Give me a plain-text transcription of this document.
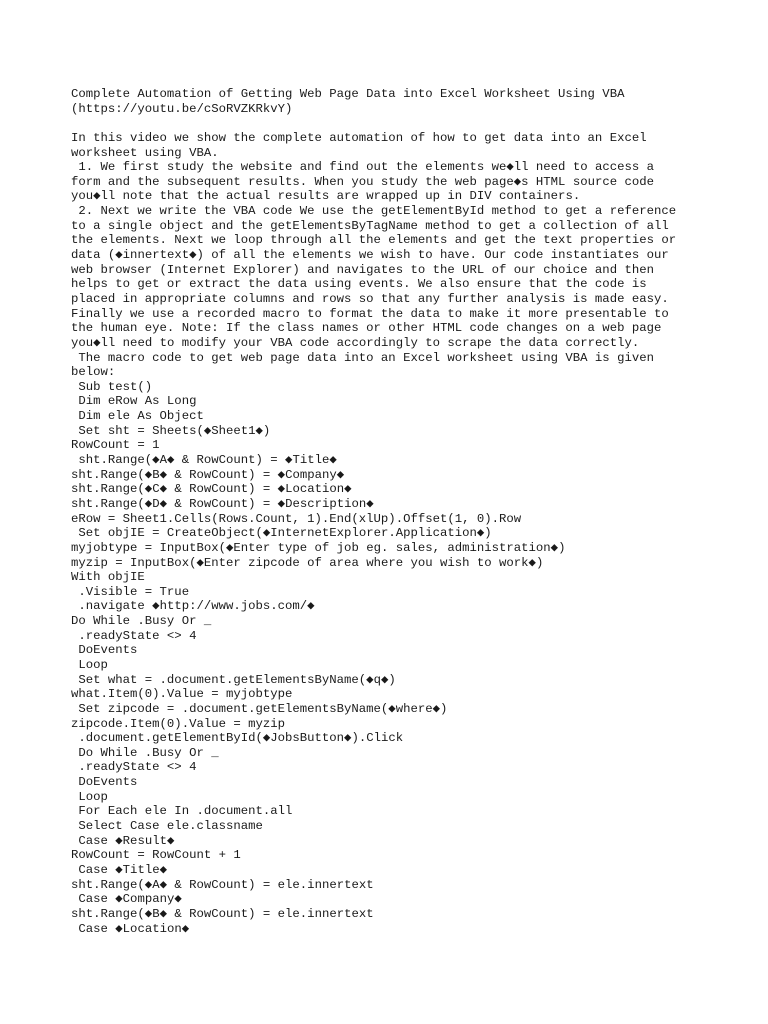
Complete Automation of Getting Web Page Data into Excel Worksheet Using VBA

(https://youtu.be/cSoRVZKRkvY)

In this video we show the complete automation of how to get data into an Excel

worksheet using VBA.

1. We first study the website and find out the elements we◆ll need to access a

form and the subsequent results. When you study the web page◆s HTML source code

you◆ll note that the actual results are wrapped up in DIV containers.

2. Next we write the VBA code We use the getElementById method to get a reference

to a single object and the getElementsByTagName method to get a collection of all

the elements. Next we loop through all the elements and get the text properties or

data (◆innertext◆) of all the elements we wish to have. Our code instantiates our

web browser (Internet Explorer) and navigates to the URL of our choice and then

helps to get or extract the data using events. We also ensure that the code is

placed in appropriate columns and rows so that any further analysis is made easy.

Finally we use a recorded macro to format the data to make it more presentable to

the human eye. Note: If the class names or other HTML code changes on a web page

you◆ll need to modify your VBA code accordingly to scrape the data correctly.

The macro code to get web page data into an Excel worksheet using VBA is given

below:

Sub test()

Dim eRow As Long

Dim ele As Object

Set sht = Sheets(◆Sheet1◆)

RowCount = 1

sht.Range(◆A◆ & RowCount) = ◆Title◆

sht.Range(◆B◆ & RowCount) = ◆Company◆

sht.Range(◆C◆ & RowCount) = ◆Location◆

sht.Range(◆D◆ & RowCount) = ◆Description◆

eRow = Sheet1.Cells(Rows.Count, 1).End(xlUp).Offset(1, 0).Row

Set objIE = CreateObject(◆InternetExplorer.Application◆)

myjobtype = InputBox(◆Enter type of job eg. sales, administration◆)

myzip = InputBox(◆Enter zipcode of area where you wish to work◆)

With objIE

.Visible = True

.navigate ◆http://www.jobs.com/◆

Do While .Busy Or _

.readyState <> 4

DoEvents

Loop

Set what = .document.getElementsByName(◆q◆)

what.Item(0).Value = myjobtype

Set zipcode = .document.getElementsByName(◆where◆)

zipcode.Item(0).Value = myzip

.document.getElementById(◆JobsButton◆).Click

Do While .Busy Or _

.readyState <> 4

DoEvents

Loop

For Each ele In .document.all

Select Case ele.classname

Case ◆Result◆

RowCount = RowCount + 1

Case ◆Title◆

sht.Range(◆A◆ & RowCount) = ele.innertext

Case ◆Company◆

sht.Range(◆B◆ & RowCount) = ele.innertext

Case ◆Location◆
